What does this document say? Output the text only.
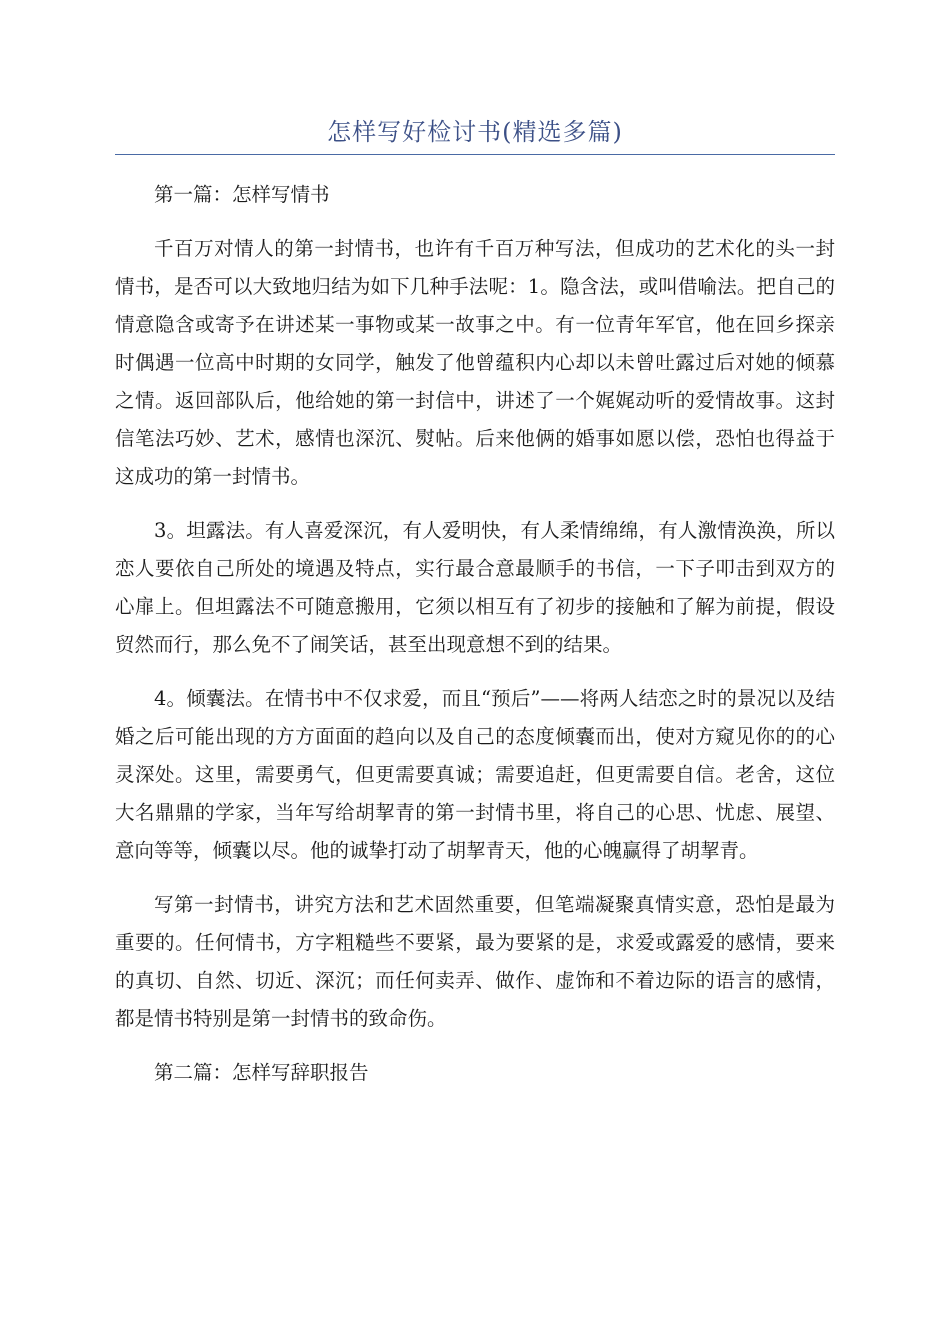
怎样写好检讨书(精选多篇)

第一篇：怎样写情书

千百万对情人的第一封情书，也许有千百万种写法，但成功的艺术化的头一封情书，是否可以大致地归结为如下几种手法呢：1。隐含法，或叫借喻法。把自己的情意隐含或寄予在讲述某一事物或某一故事之中。有一位青年军官，他在回乡探亲时偶遇一位高中时期的女同学，触发了他曾蕴积内心却以未曾吐露过后对她的倾慕之情。返回部队后，他给她的第一封信中，讲述了一个娓娓动听的爱情故事。这封信笔法巧妙、艺术，感情也深沉、熨帖。后来他俩的婚事如愿以偿，恐怕也得益于这成功的第一封情书。

3。坦露法。有人喜爱深沉，有人爱明快，有人柔情绵绵，有人激情涣涣，所以恋人要依自己所处的境遇及特点，实行最合意最顺手的书信，一下子叩击到双方的心扉上。但坦露法不可随意搬用，它须以相互有了初步的接触和了解为前提，假设贸然而行，那么免不了闹笑话，甚至出现意想不到的结果。

4。倾囊法。在情书中不仅求爱，而且“预后”——将两人结恋之时的景况以及结婚之后可能出现的方方面面的趋向以及自己的态度倾囊而出，使对方窥见你的的心灵深处。这里，需要勇气，但更需要真诚；需要追赶，但更需要自信。老舍，这位大名鼎鼎的学家，当年写给胡挈青的第一封情书里，将自己的心思、忧虑、展望、意向等等，倾囊以尽。他的诚挚打动了胡挈青天，他的心魄赢得了胡挈青。

写第一封情书，讲究方法和艺术固然重要，但笔端凝聚真情实意，恐怕是最为重要的。任何情书，方字粗糙些不要紧，最为要紧的是，求爱或露爱的感情，要来的真切、自然、切近、深沉；而任何卖弄、做作、虚饰和不着边际的语言的感情，都是情书特别是第一封情书的致命伤。

第二篇：怎样写辞职报告
